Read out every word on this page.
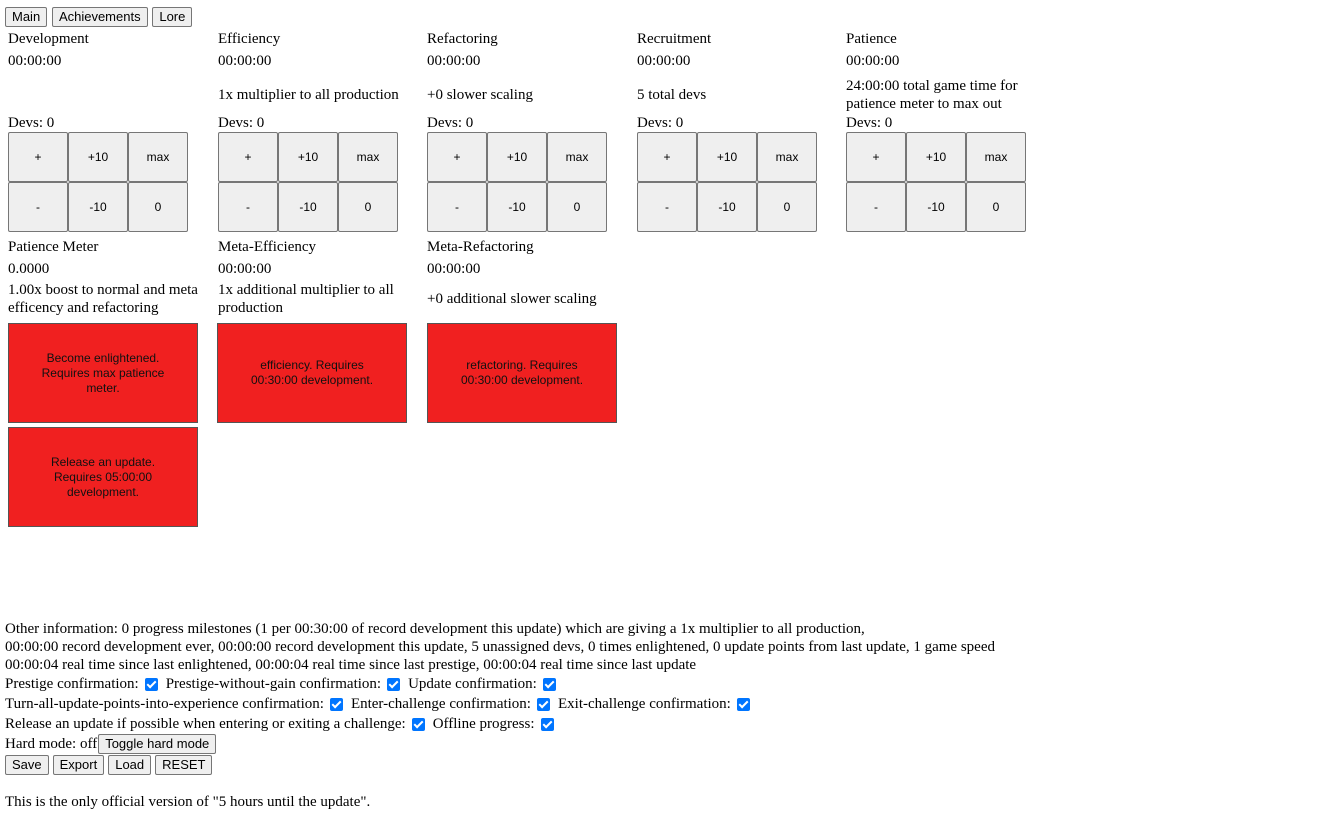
Main Achievements Lore
Development
00:00:00
Devs: 0
+	+10	max
-	-10	0
Efficiency
00:00:00
1x multiplier to all production
Devs: 0
+	+10	max
-	-10	0
Refactoring
00:00:00
+0 slower scaling
Devs: 0
+	+10	max
-	-10	0
Recruitment
00:00:00
5 total devs
Devs: 0
+	+10	max
-	-10	0
Patience
00:00:00
24:00:00 total game time for patience meter to max out
Devs: 0
+	+10	max
-	-10	0
Patience Meter
0.0000
1.00x boost to normal and meta efficency and refactoring
Become enlightened. Requires max patience meter.
Meta-Efficiency
00:00:00
1x additional multiplier to all production
efficiency. Requires 00:30:00 development.
Meta-Refactoring
00:00:00
+0 additional slower scaling
refactoring. Requires 00:30:00 development.
Release an update. Requires 05:00:00 development.
Other information: 0 progress milestones (1 per 00:30:00 of record development this update) which are giving a 1x multiplier to all production,
00:00:00 record development ever, 00:00:00 record development this update, 5 unassigned devs, 0 times enlightened, 0 update points from last update, 1 game speed
00:00:04 real time since last enlightened, 00:00:04 real time since last prestige, 00:00:04 real time since last update
Prestige confirmation: Prestige-without-gain confirmation: Update confirmation:
Turn-all-update-points-into-experience confirmation: Enter-challenge confirmation: Exit-challenge confirmation:
Release an update if possible when entering or exiting a challenge: Offline progress:
Hard mode: off Toggle hard mode
Save	Export	Load	RESET
This is the only official version of "5 hours until the update".
